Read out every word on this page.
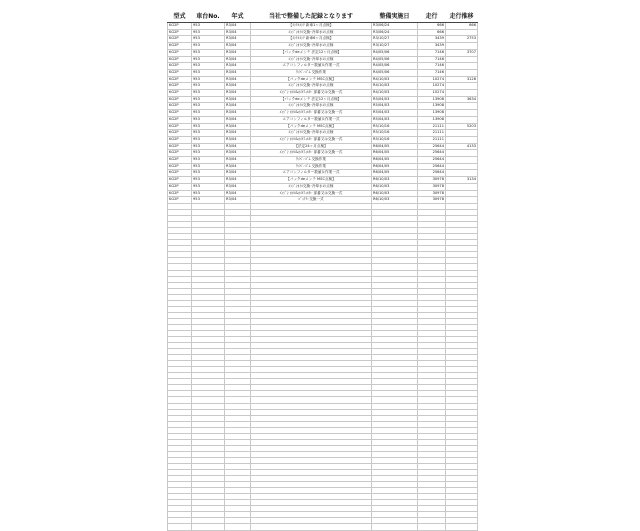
型式	車台No.	年式	当社で整備した記録となります	整備実施日	走行	走行推移
KG2P	953	R3/04	【ﾒﾝﾃﾙﾒﾝﾃ 新車1ヶ月点検】	R3/06/24	666	666
KG2P	953	R3/04	ｴﾝｼﾞﾝｵｲﾙ交換･冷却水の点検	R3/06/24	666	
KG2P	953	R3/04	【ﾒﾝﾃﾙﾒﾝﾃ 新車6ヶ月点検】	R3/10/27	3439	2753
KG2P	953	R3/04	ｴﾝｼﾞﾝｵｲﾙ交換･冷却水の点検	R3/10/27	3439	
KG2P	953	R3/04	【パックdeメンテ 法定12ヶ月点検】	R4/05/06	7146	3707
KG2P	953	R3/04	ｴﾝｼﾞﾝｵｲﾙ交換･冷却水の点検	R4/05/06	7146	
KG2P	953	R3/04	エアコンフィルター数値＆作業一式	R4/05/06	7146	
KG2P	953	R3/04	ﾜｲﾊﾟｰｺﾞﾑ 交換作業	R4/05/06	7146	
KG2P	953	R3/04	【パックdeメンテ MSC点検】	R4/10/03	10274	3128
KG2P	953	R3/04	ｴﾝｼﾞﾝｵｲﾙ交換･冷却水の点検	R4/10/03	10274	
KG2P	953	R3/04	ｴﾝｼﾞﾝ ｵｲﾙ&ｵｲﾙﾌｨﾙﾀｰ 部番又は交換一式	R4/10/03	10274	
KG2P	953	R3/04	【パックdeメンテ 法定12ヶ月点検】	R5/04/03	13908	3634
KG2P	953	R3/04	ｴﾝｼﾞﾝｵｲﾙ交換･冷却水の点検	R5/04/03	13908	
KG2P	953	R3/04	ｴﾝｼﾞﾝ ｵｲﾙ&ｵｲﾙﾌｨﾙﾀｰ 部番又は交換一式	R5/04/03	13908	
KG2P	953	R3/04	エアコンフィルター数値＆作業一式	R5/04/03	13908	
KG2P	953	R3/04	【パックdeメンテ MSC点検】	R5/10/16	21111	5203
KG2P	953	R3/04	ｴﾝｼﾞﾝｵｲﾙ交換･冷却水の点検	R5/10/16	21111	
KG2P	953	R3/04	ｴﾝｼﾞﾝ ｵｲﾙ&ｵｲﾙﾌｨﾙﾀｰ 部番又は交換一式	R5/10/16	21111	
KG2P	953	R3/04	【法定24ヶ月点検】	R6/04/05	25644	4133
KG2P	953	R3/04	ｴﾝｼﾞﾝ ｵｲﾙ&ｵｲﾙﾌｨﾙﾀｰ 部番又は交換一式	R6/04/05	25644	
KG2P	953	R3/04	ﾜｲﾊﾟｰｺﾞﾑ 交換作業	R6/04/05	25644	
KG2P	953	R3/04	ﾜｲﾊﾟｰｺﾞﾑ 交換作業	R6/04/05	25644	
KG2P	953	R3/04	エアコンフィルター数値＆作業一式	R6/04/05	25644	
KG2P	953	R3/04	【パックdeメンテ MSC点検】	R6/10/03	30978	3134
KG2P	953	R3/04	ｴﾝｼﾞﾝｵｲﾙ交換･冷却水の点検	R6/10/03	30978	
KG2P	953	R3/04	ｴﾝｼﾞﾝ ｵｲﾙ&ｵｲﾙﾌｨﾙﾀｰ 部番又は交換一式	R6/10/03	30978	
KG2P	953	R3/04	ﾊﾞｯﾃﾘｰ交換一式	R6/10/03	30978	
